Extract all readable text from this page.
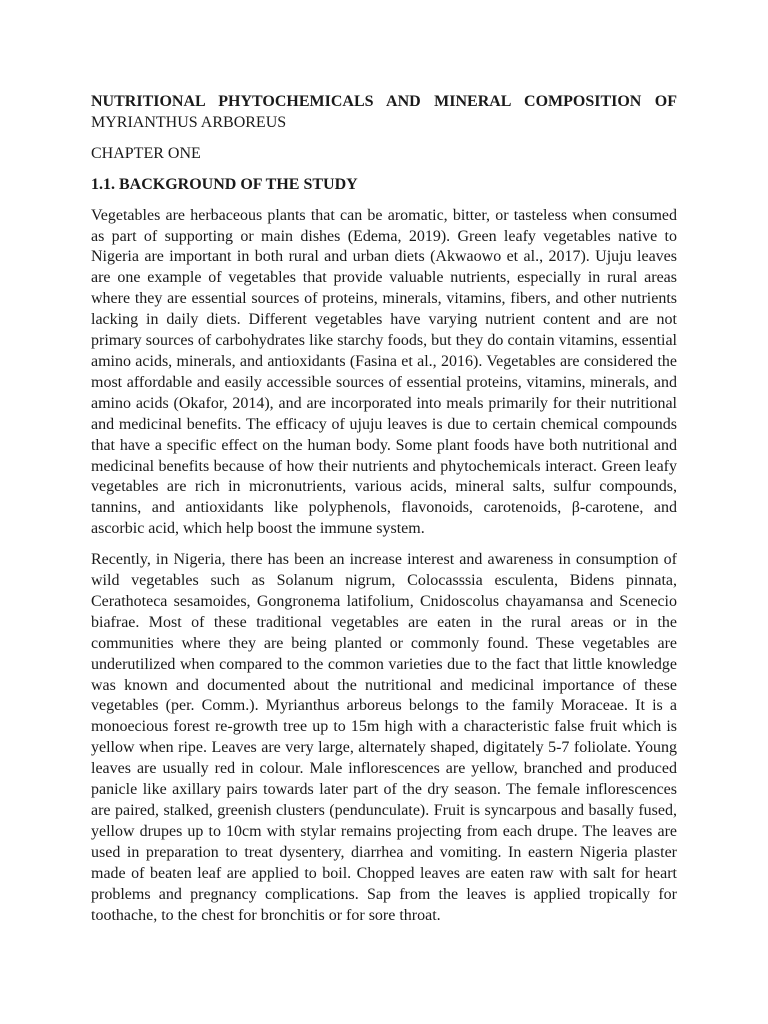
NUTRITIONAL PHYTOCHEMICALS AND MINERAL COMPOSITION OF

MYRIANTHUS ARBOREUS

CHAPTER ONE

1.1. BACKGROUND OF THE STUDY

Vegetables are herbaceous plants that can be aromatic, bitter, or tasteless when consumed as part of supporting or main dishes (Edema, 2019). Green leafy vegetables native to Nigeria are important in both rural and urban diets (Akwaowo et al., 2017). Ujuju leaves are one example of vegetables that provide valuable nutrients, especially in rural areas where they are essential sources of proteins, minerals, vitamins, fibers, and other nutrients lacking in daily diets. Different vegetables have varying nutrient content and are not primary sources of carbohydrates like starchy foods, but they do contain vitamins, essential amino acids, minerals, and antioxidants (Fasina et al., 2016). Vegetables are considered the most affordable and easily accessible sources of essential proteins, vitamins, minerals, and amino acids (Okafor, 2014), and are incorporated into meals primarily for their nutritional and medicinal benefits. The efficacy of ujuju leaves is due to certain chemical compounds that have a specific effect on the human body. Some plant foods have both nutritional and medicinal benefits because of how their nutrients and phytochemicals interact. Green leafy vegetables are rich in micronutrients, various acids, mineral salts, sulfur compounds, tannins, and antioxidants like polyphenols, flavonoids, carotenoids, β-carotene, and ascorbic acid, which help boost the immune system.

Recently, in Nigeria, there has been an increase interest and awareness in consumption of wild vegetables such as Solanum nigrum, Colocasssia esculenta, Bidens pinnata, Cerathoteca sesamoides, Gongronema latifolium, Cnidoscolus chayamansa and Scenecio biafrae. Most of these traditional vegetables are eaten in the rural areas or in the communities where they are being planted or commonly found. These vegetables are underutilized when compared to the common varieties due to the fact that little knowledge was known and documented about the nutritional and medicinal importance of these vegetables (per. Comm.). Myrianthus arboreus belongs to the family Moraceae. It is a monoecious forest re-growth tree up to 15m high with a characteristic false fruit which is yellow when ripe. Leaves are very large, alternately shaped, digitately 5-7 foliolate. Young leaves are usually red in colour. Male inflorescences are yellow, branched and produced panicle like axillary pairs towards later part of the dry season. The female inflorescences are paired, stalked, greenish clusters (pendunculate). Fruit is syncarpous and basally fused, yellow drupes up to 10cm with stylar remains projecting from each drupe. The leaves are used in preparation to treat dysentery, diarrhea and vomiting. In eastern Nigeria plaster made of beaten leaf are applied to boil. Chopped leaves are eaten raw with salt for heart problems and pregnancy complications. Sap from the leaves is applied tropically for toothache, to the chest for bronchitis or for sore throat.
